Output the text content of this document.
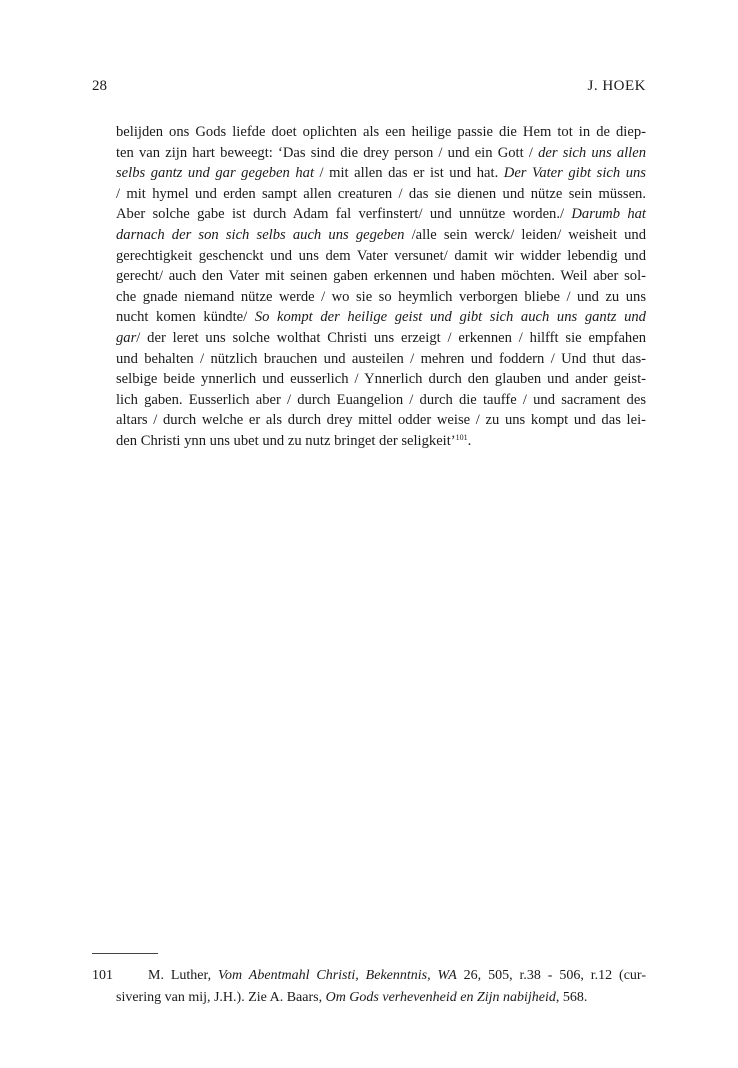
28	J. HOEK
belijden ons Gods liefde doet oplichten als een heilige passie die Hem tot in de diep-
ten van zijn hart beweegt: ‘Das sind die drey person / und ein Gott / der sich uns allen
selbs gantz und gar gegeben hat / mit allen das er ist und hat. Der Vater gibt sich uns
/ mit hymel und erden sampt allen creaturen / das sie dienen und nütze sein müssen.
Aber solche gabe ist durch Adam fal verfinstert/ und unnütze worden./ Darumb hat
darnach der son sich selbs auch uns gegeben /alle sein werck/ leiden/ weisheit und
gerechtigkeit geschenckt und uns dem Vater versunet/ damit wir widder lebendig und
gerecht/ auch den Vater mit seinen gaben erkennen und haben möchten. Weil aber sol-
che gnade niemand nütze werde / wo sie so heymlich verborgen bliebe / und zu uns
nucht komen kündte/ So kompt der heilige geist und gibt sich auch uns gantz und
gar/ der leret uns solche wolthat Christi uns erzeigt / erkennen / hilfft sie empfahen
und behalten / nützlich brauchen und austeilen / mehren und foddern / Und thut das-
selbige beide ynnerlich und eusserlich / Ynnerlich durch den glauben und ander geist-
lich gaben. Eusserlich aber / durch Euangelion / durch die tauffe / und sacrament des
altars / durch welche er als durch drey mittel odder weise / zu uns kompt und das lei-
den Christi ynn uns ubet und zu nutz bringet der seligkeit’$^{101}$.
101	M. Luther, Vom Abentmahl Christi, Bekenntnis, WA 26, 505, r.38 - 506, r.12 (cur-
sivering van mij, J.H.). Zie A. Baars, Om Gods verhevenheid en Zijn nabijheid, 568.
